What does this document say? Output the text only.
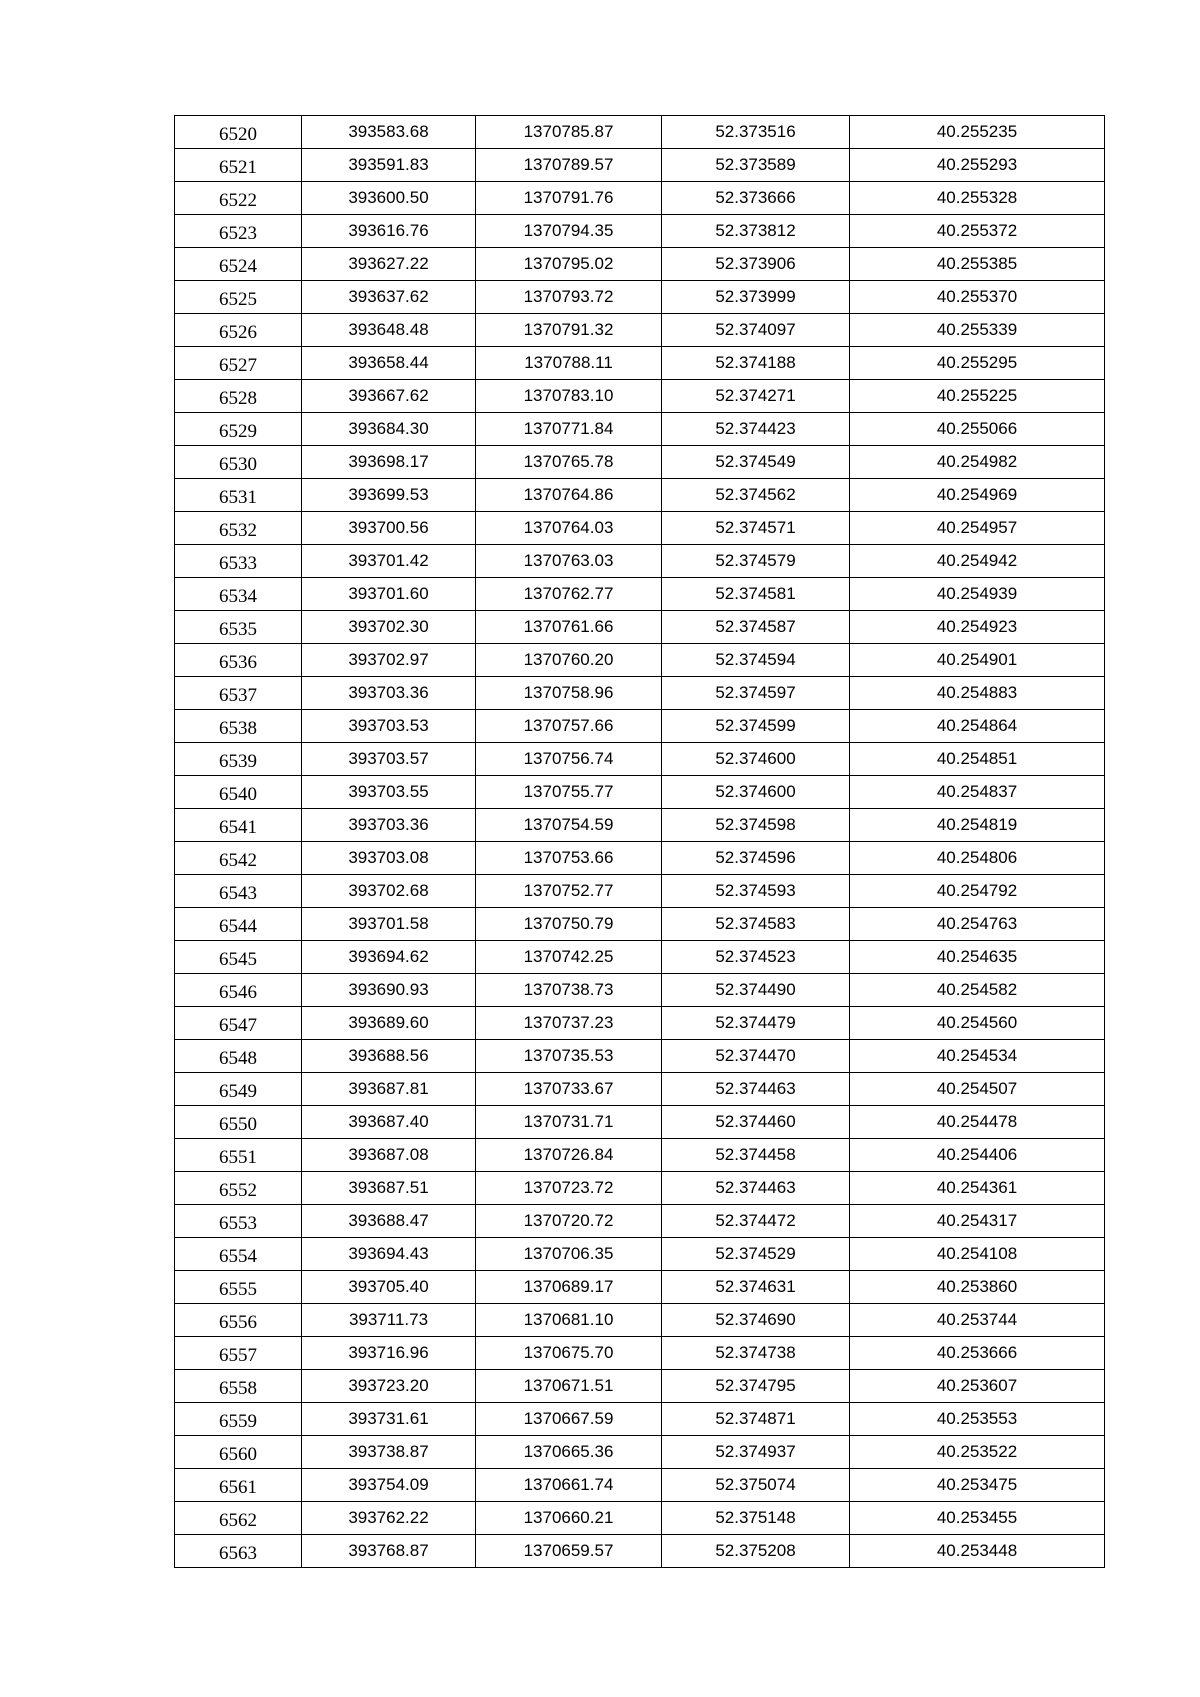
6520	393583.68	1370785.87	52.373516	40.255235
6521	393591.83	1370789.57	52.373589	40.255293
6522	393600.50	1370791.76	52.373666	40.255328
6523	393616.76	1370794.35	52.373812	40.255372
6524	393627.22	1370795.02	52.373906	40.255385
6525	393637.62	1370793.72	52.373999	40.255370
6526	393648.48	1370791.32	52.374097	40.255339
6527	393658.44	1370788.11	52.374188	40.255295
6528	393667.62	1370783.10	52.374271	40.255225
6529	393684.30	1370771.84	52.374423	40.255066
6530	393698.17	1370765.78	52.374549	40.254982
6531	393699.53	1370764.86	52.374562	40.254969
6532	393700.56	1370764.03	52.374571	40.254957
6533	393701.42	1370763.03	52.374579	40.254942
6534	393701.60	1370762.77	52.374581	40.254939
6535	393702.30	1370761.66	52.374587	40.254923
6536	393702.97	1370760.20	52.374594	40.254901
6537	393703.36	1370758.96	52.374597	40.254883
6538	393703.53	1370757.66	52.374599	40.254864
6539	393703.57	1370756.74	52.374600	40.254851
6540	393703.55	1370755.77	52.374600	40.254837
6541	393703.36	1370754.59	52.374598	40.254819
6542	393703.08	1370753.66	52.374596	40.254806
6543	393702.68	1370752.77	52.374593	40.254792
6544	393701.58	1370750.79	52.374583	40.254763
6545	393694.62	1370742.25	52.374523	40.254635
6546	393690.93	1370738.73	52.374490	40.254582
6547	393689.60	1370737.23	52.374479	40.254560
6548	393688.56	1370735.53	52.374470	40.254534
6549	393687.81	1370733.67	52.374463	40.254507
6550	393687.40	1370731.71	52.374460	40.254478
6551	393687.08	1370726.84	52.374458	40.254406
6552	393687.51	1370723.72	52.374463	40.254361
6553	393688.47	1370720.72	52.374472	40.254317
6554	393694.43	1370706.35	52.374529	40.254108
6555	393705.40	1370689.17	52.374631	40.253860
6556	393711.73	1370681.10	52.374690	40.253744
6557	393716.96	1370675.70	52.374738	40.253666
6558	393723.20	1370671.51	52.374795	40.253607
6559	393731.61	1370667.59	52.374871	40.253553
6560	393738.87	1370665.36	52.374937	40.253522
6561	393754.09	1370661.74	52.375074	40.253475
6562	393762.22	1370660.21	52.375148	40.253455
6563	393768.87	1370659.57	52.375208	40.253448
